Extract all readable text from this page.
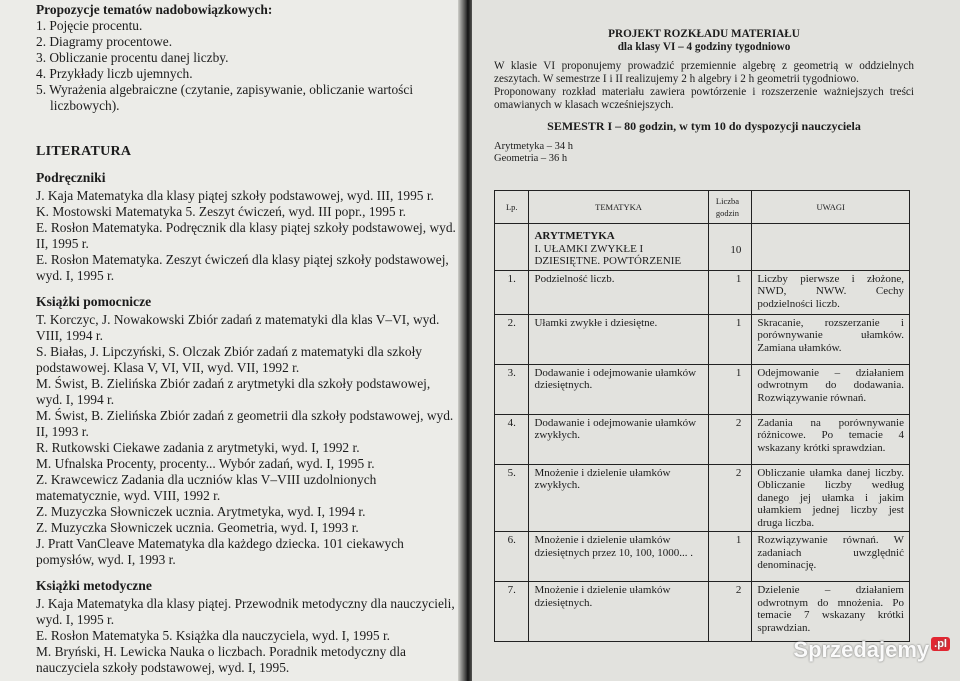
Propozycje tematów nadobowiązkowych:
1. Pojęcie procentu.
2. Diagramy procentowe.
3. Obliczanie procentu danej liczby.
4. Przykłady liczb ujemnych.
5. Wyrażenia algebraiczne (czytanie, zapisywanie, obliczanie wartości liczbowych).
LITERATURA
Podręczniki

J. Kaja Matematyka dla klasy piątej szkoły podstawowej, wyd. III, 1995 r.

K. Mostowski Matematyka 5. Zeszyt ćwiczeń, wyd. III popr., 1995 r.

E. Rosłon Matematyka. Podręcznik dla klasy piątej szkoły podstawowej, wyd. II, 1995 r.

E. Rosłon Matematyka. Zeszyt ćwiczeń dla klasy piątej szkoły podstawowej, wyd. I, 1995 r.

Książki pomocnicze

T. Korczyc, J. Nowakowski Zbiór zadań z matematyki dla klas V–VI, wyd. VIII, 1994 r.

S. Białas, J. Lipczyński, S. Olczak Zbiór zadań z matematyki dla szkoły podstawowej. Klasa V, VI, VII, wyd. VII, 1992 r.

M. Świst, B. Zielińska Zbiór zadań z arytmetyki dla szkoły podstawowej, wyd. I, 1994 r.

M. Świst, B. Zielińska Zbiór zadań z geometrii dla szkoły podstawowej, wyd. II, 1993 r.

R. Rutkowski Ciekawe zadania z arytmetyki, wyd. I, 1992 r.

M. Ufnalska Procenty, procenty... Wybór zadań, wyd. I, 1995 r.

Z. Krawcewicz Zadania dla uczniów klas V–VIII uzdolnionych matematycznie, wyd. VIII, 1992 r.

Z. Muzyczka Słowniczek ucznia. Arytmetyka, wyd. I, 1994 r.

Z. Muzyczka Słowniczek ucznia. Geometria, wyd. I, 1993 r.

J. Pratt VanCleave Matematyka dla każdego dziecka. 101 ciekawych pomysłów, wyd. I, 1993 r.

Książki metodyczne

J. Kaja Matematyka dla klasy piątej. Przewodnik metodyczny dla nauczycieli, wyd. I, 1995 r.

E. Rosłon Matematyka 5. Książka dla nauczyciela, wyd. I, 1995 r.

M. Bryński, H. Lewicka Nauka o liczbach. Poradnik metodyczny dla nauczyciela szkoły podstawowej, wyd. I, 1995.

PROJEKT ROZKŁADU MATERIAŁU
dla klasy VI – 4 godziny tygodniowo
W klasie VI proponujemy prowadzić przemiennie algebrę z geometrią w oddzielnych zeszytach. W semestrze I i II realizujemy 2 h algebry i 2 h geometrii tygodniowo.
Proponowany rozkład materiału zawiera powtórzenie i rozszerzenie ważniejszych treści omawianych w klasach wcześniejszych.
SEMESTR I – 80 godzin, w tym 10 do dyspozycji nauczyciela
Arytmetyka – 34 h
Geometria – 36 h
Lp.	TEMATYKA	Liczba godzin	UWAGI

	ARYTMETYKA
I. UŁAMKI ZWYKŁE I DZIESIĘTNE. POWTÓRZENIE	10	
1.	Podzielność liczb.	1	Liczby pierwsze i złożone, NWD, NWW. Cechy podzielności liczb.
2.	Ułamki zwykłe i dziesiętne.	1	Skracanie, rozszerzanie i porównywanie ułamków. Zamiana ułamków.
3.	Dodawanie i odejmowanie ułamków dziesiętnych.	1	Odejmowanie – działaniem odwrotnym do dodawania. Rozwiązywanie równań.
4.	Dodawanie i odejmowanie ułamków zwykłych.	2	Zadania na porównywanie różnicowe. Po temacie 4 wskazany krótki sprawdzian.
5.	Mnożenie i dzielenie ułamków zwykłych.	2	Obliczanie ułamka danej liczby. Obliczanie liczby według danego jej ułamka i jakim ułamkiem jednej liczby jest druga liczba.
6.	Mnożenie i dzielenie ułamków dziesiętnych przez 10, 100, 1000... .	1	Rozwiązywanie równań. W zadaniach uwzględnić denominację.
7.	Mnożenie i dzielenie ułamków dziesiętnych.	2	Dzielenie – działaniem odwrotnym do mnożenia. Po temacie 7 wskazany krótki sprawdzian.
Sprzedajemy .pl
